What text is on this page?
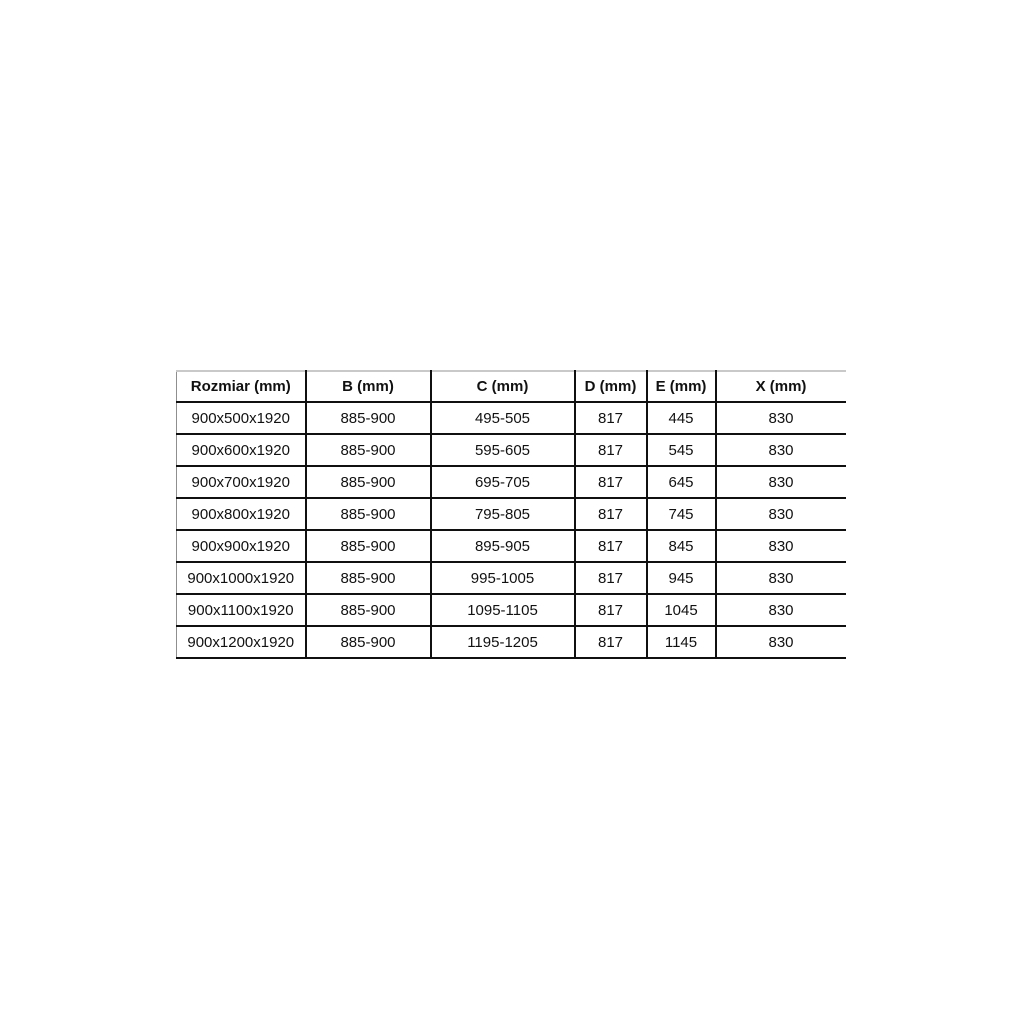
Rozmiar (mm)	B (mm)	C (mm)	D (mm)	E (mm)	X (mm)
900x500x1920	885-900	495-505	817	445	830
900x600x1920	885-900	595-605	817	545	830
900x700x1920	885-900	695-705	817	645	830
900x800x1920	885-900	795-805	817	745	830
900x900x1920	885-900	895-905	817	845	830
900x1000x1920	885-900	995-1005	817	945	830
900x1100x1920	885-900	1095-1105	817	1045	830
900x1200x1920	885-900	1195-1205	817	1145	830
